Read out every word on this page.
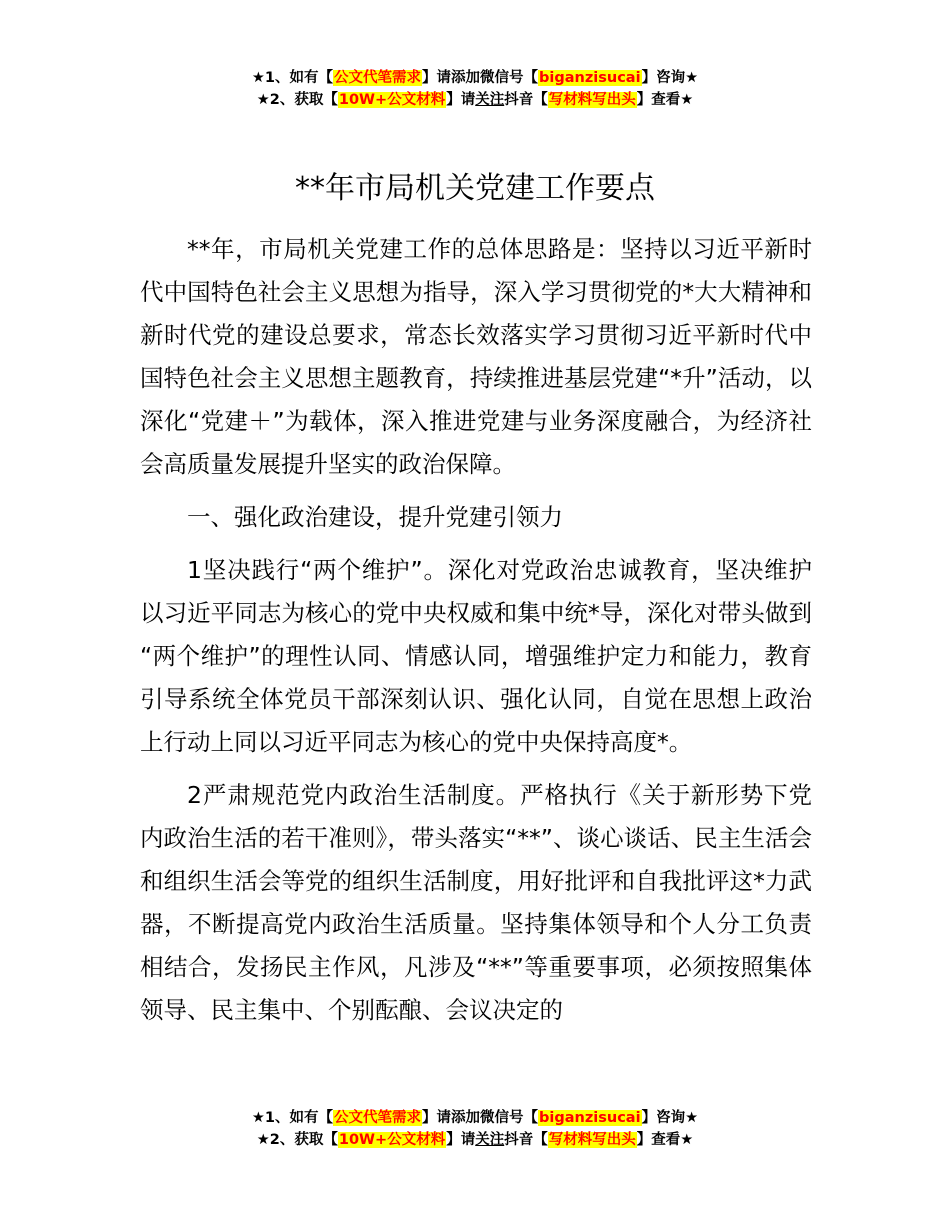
★1、如有【公文代笔需求】请添加微信号【biganzisucai】咨询★
★2、获取【10W+公文材料】请关注抖音【写材料写出头】查看★
**年市局机关党建工作要点

**年，市局机关党建工作的总体思路是：坚持以习近平新时代中国特色社会主义思想为指导，深入学习贯彻党的*大大精神和新时代党的建设总要求，常态长效落实学习贯彻习近平新时代中国特色社会主义思想主题教育，持续推进基层党建“*升”活动，以深化“党建＋”为载体，深入推进党建与业务深度融合，为经济社会高质量发展提升坚实的政治保障。

一、强化政治建设，提升党建引领力

1坚决践行“两个维护”。深化对党政治忠诚教育，坚决维护以习近平同志为核心的党中央权威和集中统*导，深化对带头做到“两个维护”的理性认同、情感认同，增强维护定力和能力，教育引导系统全体党员干部深刻认识、强化认同，自觉在思想上政治上行动上同以习近平同志为核心的党中央保持高度*。

2严肃规范党内政治生活制度。严格执行《关于新形势下党内政治生活的若干准则》，带头落实“**”、谈心谈话、民主生活会和组织生活会等党的组织生活制度，用好批评和自我批评这*力武器，不断提高党内政治生活质量。坚持集体领导和个人分工负责相结合，发扬民主作风，凡涉及“**”等重要事项，必须按照集体领导、民主集中、个别酝酿、会议决定的

★1、如有【公文代笔需求】请添加微信号【biganzisucai】咨询★
★2、获取【10W+公文材料】请关注抖音【写材料写出头】查看★
